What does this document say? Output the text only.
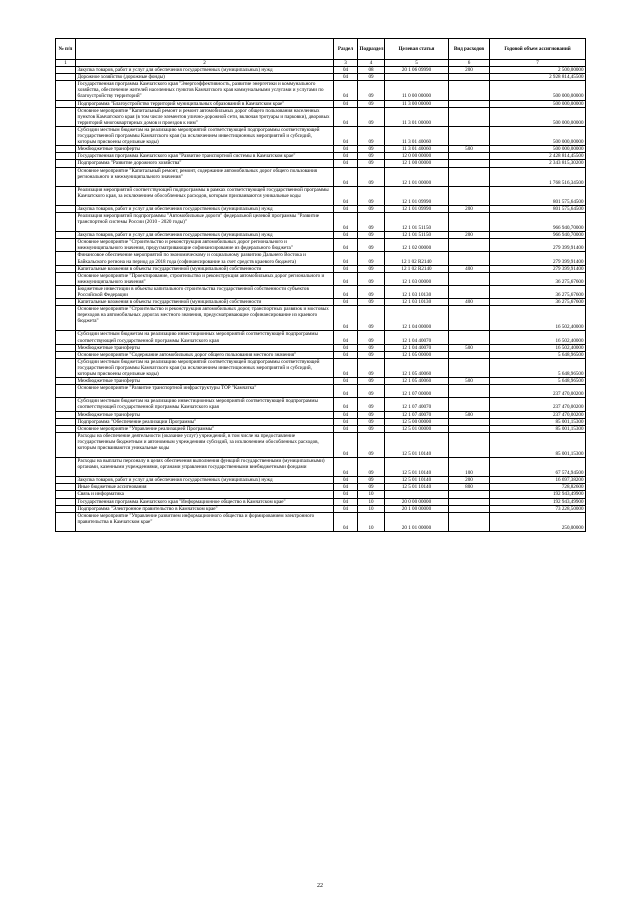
№ п/п		Раздел	Подраздел	Целевая статья	Вид расходов	Годовой объем ассигнований
1	2	3	4	5	6	7
	Закупка товаров, работ и услуг для обеспечения государственных (муниципальных) нужд	04	08	20 1 06 09990	200	2 500,00000
	Дорожное хозяйство (дорожные фонды)	04	09			2 928 814,45500
	Государственная программа Камчатского края "Энергоэффективность, развитие энергетики и коммунального хозяйства, обеспечение жителей населенных пунктов Камчатского края коммунальными услугами и услугами по благоустройству территорий"	04	09	11 0 00 00000		500 000,00000
	Подпрограмма "Благоустройство территорий муниципальных образований в Камчатском крае"	04	09	11 3 00 00000		500 000,00000
	Основное мероприятие "Капитальный ремонт и ремонт автомобильных дорог общего пользования населенных пунктов Камчатского края (в том числе элементов улично-дорожной сети, включая тротуары и парковки), дворовых территорий многоквартирных домов и проездов к ним"	04	09	11 3 01 00000		500 000,00000
	Субсидии местным бюджетам на реализацию мероприятий соответствующей подпрограммы соответствующей государственной программы Камчатского края (за исключением инвестиционных мероприятий и субсидий, которым присвоены отдельные коды)	04	09	11 3 01 40060		500 000,00000
	Межбюджетные трансферты	04	09	11 3 01 40060	500	500 000,00000
	Государственная программа Камчатского края "Развитие транспортной системы в Камчатском крае"	04	09	12 0 00 00000		2 428 814,45500
	Подпрограмма "Развитие дорожного хозяйства"	04	09	12 1 00 00000		2 343 815,30200
	Основное мероприятие "Капитальный ремонт, ремонт, содержание автомобильных дорог общего пользования регионального и межмуниципального значения"	04	09	12 1 01 00000		1 768 516,34500
	Реализация мероприятий соответствующей подпрограммы в рамках соответствующей государственной программы Камчатского края, за исключением обособленных расходов, которым присваиваются уникальные коды	04	09	12 1 01 09990		801 575,64500
	Закупка товаров, работ и услуг для обеспечения государственных (муниципальных) нужд	04	09	12 1 01 09990	200	801 575,64500
	Реализация мероприятий подпрограммы "Автомобильные дороги" федеральной целевой программы "Развитие транспортной системы России (2010 - 2020 годы)"	04	09	12 1 01 51150		966 940,70000
	Закупка товаров, работ и услуг для обеспечения государственных (муниципальных) нужд	04	09	12 1 01 51150	200	966 940,70000
	Основное мероприятие "Строительство и реконструкция автомобильных дорог регионального и межмуниципального значения, предусматривающие софинансирование из федерального бюджета"	04	09	12 1 02 00000		279 399,91400
	Финансовое обеспечение мероприятий по экономическому и социальному развитию Дальнего Востока и Байкальского региона на период до 2018 года (софинансирование за счет средств краевого бюджета)	04	09	12 1 02 R2140		279 399,91400
	Капитальные вложения в объекты государственной (муниципальной) собственности	04	09	12 1 02 R2140	400	279 399,91400
	Основное мероприятие "Проектирование, строительство и реконструкция автомобильных дорог регионального и межмуниципального значения"	04	09	12 1 03 00000		36 275,67600
	Бюджетные инвестиции в объекты капитального строительства государственной собственности субъектов Российской Федерации	04	09	12 1 03 10130		36 275,67600
	Капитальные вложения в объекты государственной (муниципальной) собственности	04	09	12 1 03 10130	400	36 275,67600
	Основное мероприятие "Строительство и реконструкция автомобильных дорог, транспортных развязок и мостовых переходов на автомобильных дорогах местного значения, предусматривающие софинансирование из краевого бюджета"	04	09	12 1 04 00000		16 502,40000
	Субсидии местным бюджетам на реализацию инвестиционных мероприятий соответствующей подпрограммы соответствующей государственной программы Камчатского края	04	09	12 1 04 40070		16 502,40000
	Межбюджетные трансферты	04	09	12 1 04 40070	500	16 502,40000
	Основное мероприятие "Содержание автомобильных дорог общего пользования местного значения"	04	09	12 1 05 00000		5 648,96500
	Субсидии местным бюджетам на реализацию мероприятий соответствующей подпрограммы соответствующей государственной программы Камчатского края (за исключением инвестиционных мероприятий и субсидий, которым присвоены отдельные коды)	04	09	12 1 05 40060		5 648,96500
	Межбюджетные трансферты	04	09	12 1 05 40060	500	5 648,96500
	Основное мероприятие "Развитие транспортной инфраструктуры ТОР "Камчатка"	04	09	12 1 07 00000		237 470,00200
	Субсидии местным бюджетам на реализацию инвестиционных мероприятий соответствующей подпрограммы соответствующей государственной программы Камчатского края	04	09	12 1 07 40070		237 470,00200
	Межбюджетные трансферты	04	09	12 1 07 40070	500	237 470,00200
	Подпрограмма "Обеспечение реализации Программы"	04	09	12 5 00 00000		85 001,15300
	Основное мероприятие "Управление реализацией Программы"	04	09	12 5 01 00000		85 001,15300
	Расходы на обеспечение деятельности (оказание услуг) учреждений, в том числе на предоставление государственным бюджетным и автономным учреждениям субсидий, за исключением обособленных расходов, которым присваиваются уникальные коды	04	09	12 5 01 10140		85 001,15300
	Расходы на выплаты персоналу в целях обеспечения выполнения функций государственными (муниципальными) органами, казенными учреждениями, органами управления государственными внебюджетными фондами	04	09	12 5 01 10140	100	67 574,94500
	Закупка товаров, работ и услуг для обеспечения государственных (муниципальных) нужд	04	09	12 5 01 10140	200	16 697,38200
	Иные бюджетные ассигнования	04	09	12 5 01 10140	800	728,82600
	Связь и информатика	04	10			192 943,49900
	Государственная программа Камчатского края "Информационное общество в Камчатском крае"	04	10	20 0 00 00000		192 943,49900
	Подпрограмма "Электронное правительство в Камчатском крае"	04	10	20 1 00 00000		73 228,50000
	Основное мероприятие "Управление развитием информационного общества и формированием электронного правительства в Камчатском крае"	04	10	20 1 01 00000		250,00000
22
